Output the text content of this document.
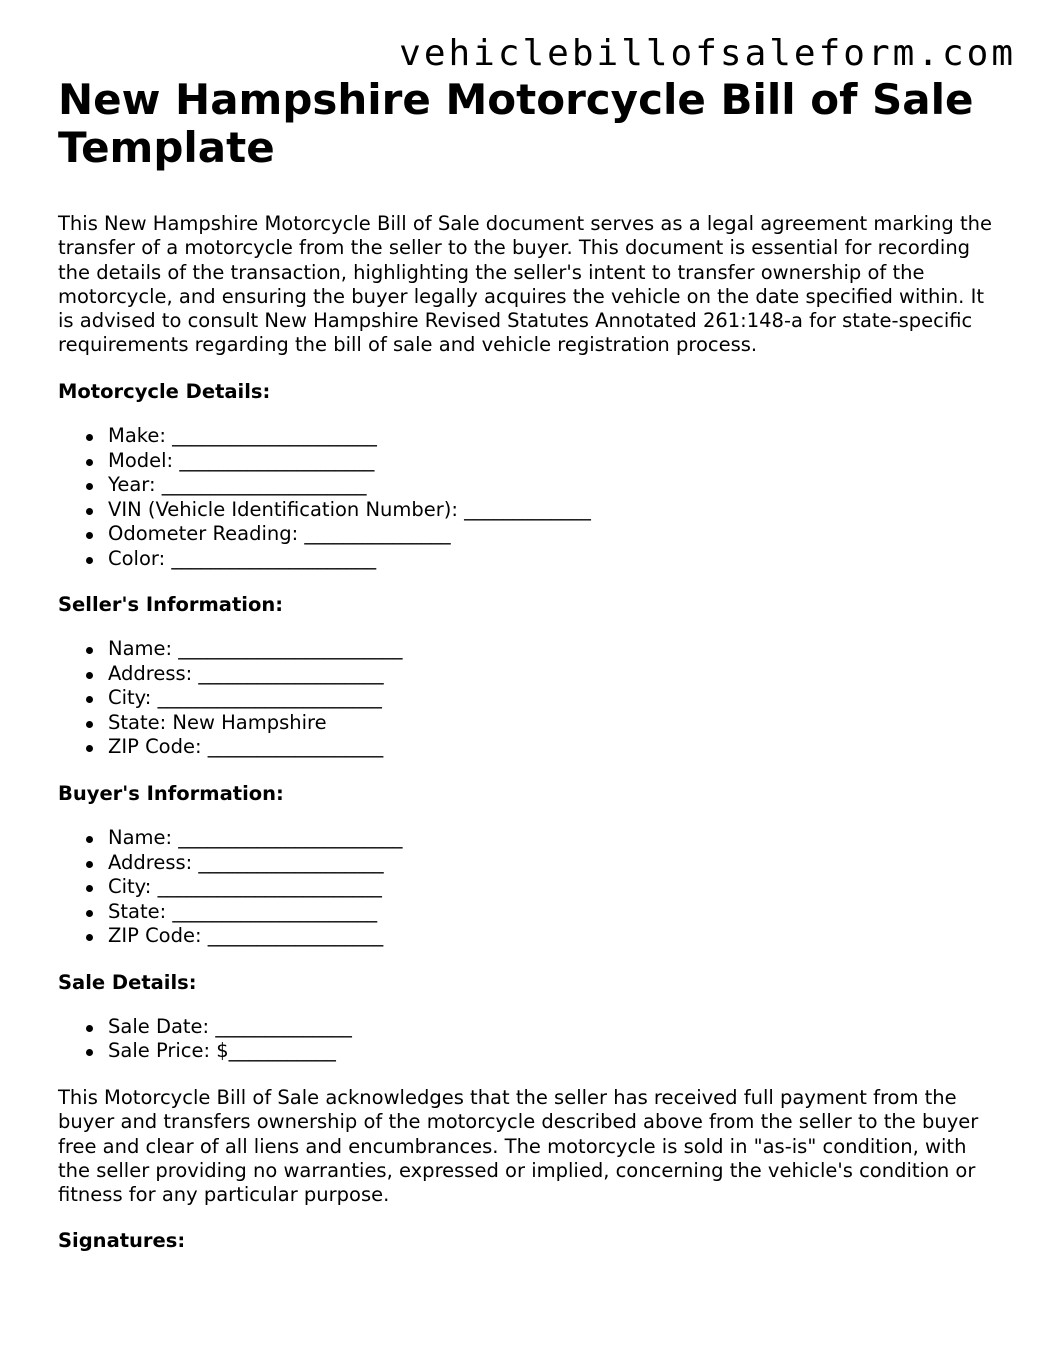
vehiclebillofsaleform.com
New Hampshire Motorcycle Bill of Sale Template

This New Hampshire Motorcycle Bill of Sale document serves as a legal agreement marking the transfer of a motorcycle from the seller to the buyer. This document is essential for recording the details of the transaction, highlighting the seller's intent to transfer ownership of the motorcycle, and ensuring the buyer legally acquires the vehicle on the date specified within. It is advised to consult New Hampshire Revised Statutes Annotated 261:148-a for state-specific requirements regarding the bill of sale and vehicle registration process.

Motorcycle Details:
Make: _____________________
Model: ____________________
Year: _____________________
VIN (Vehicle Identification Number): _____________
Odometer Reading: _______________
Color: _____________________
Seller's Information:
Name: _______________________
Address: ___________________
City: _______________________
State: New Hampshire
ZIP Code: __________________
Buyer's Information:
Name: _______________________
Address: ___________________
City: _______________________
State: _____________________
ZIP Code: __________________
Sale Details:
Sale Date: ______________
Sale Price: $___________

This Motorcycle Bill of Sale acknowledges that the seller has received full payment from the buyer and transfers ownership of the motorcycle described above from the seller to the buyer free and clear of all liens and encumbrances. The motorcycle is sold in "as-is" condition, with the seller providing no warranties, expressed or implied, concerning the vehicle's condition or fitness for any particular purpose.

Signatures:
